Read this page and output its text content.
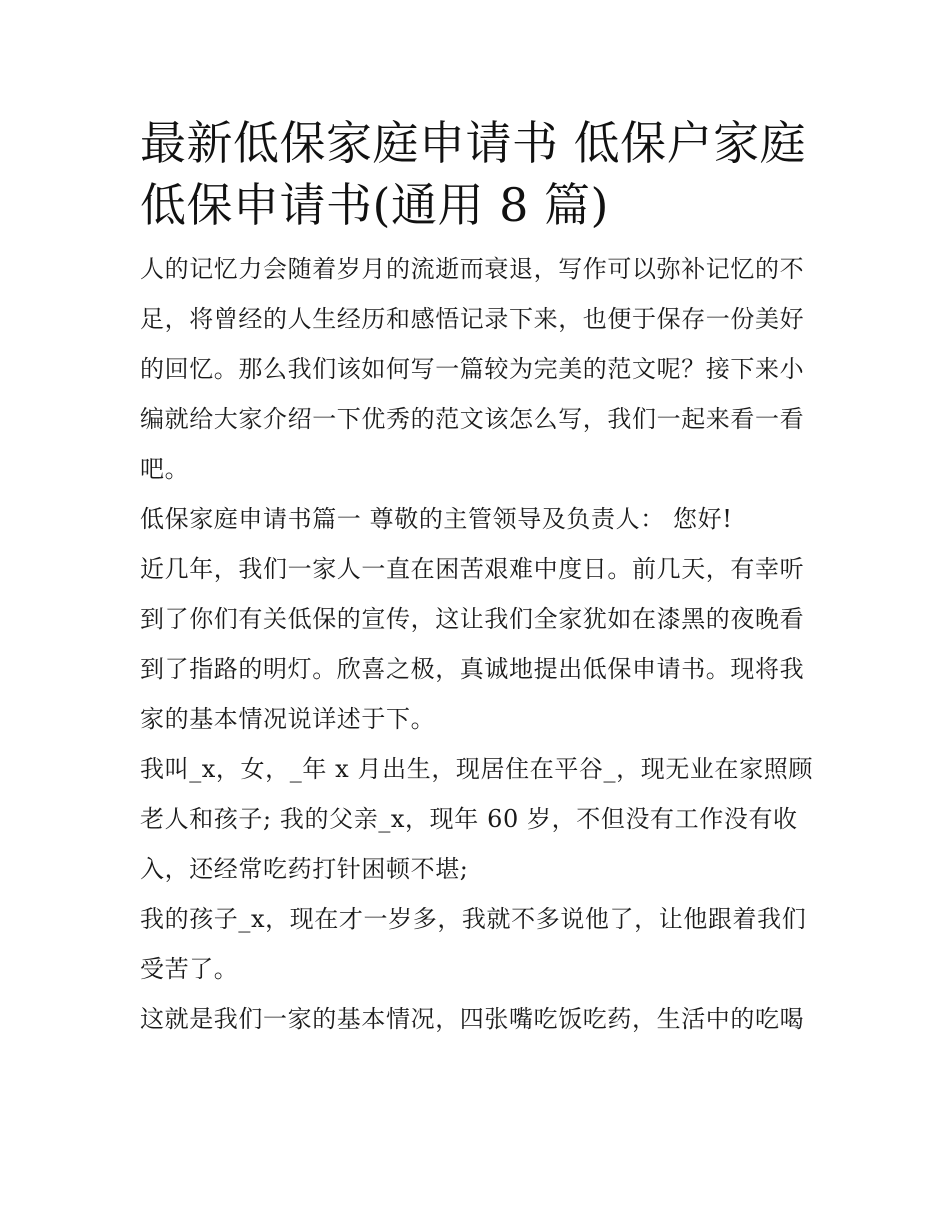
最新低保家庭申请书 低保户家庭低保申请书(通用 8 篇)

人的记忆力会随着岁月的流逝而衰退，写作可以弥补记忆的不足，将曾经的人生经历和感悟记录下来，也便于保存一份美好的回忆。那么我们该如何写一篇较为完美的范文呢？接下来小编就给大家介绍一下优秀的范文该怎么写，我们一起来看一看吧。

低保家庭申请书篇一 尊敬的主管领导及负责人： 您好!

近几年，我们一家人一直在困苦艰难中度日。前几天，有幸听到了你们有关低保的宣传，这让我们全家犹如在漆黑的夜晚看到了指路的明灯。欣喜之极，真诚地提出低保申请书。现将我家的基本情况说详述于下。

我叫_x，女，_年 x 月出生，现居住在平谷_，现无业在家照顾老人和孩子; 我的父亲_x，现年 60 岁，不但没有工作没有收入，还经常吃药打针困顿不堪;

我的孩子_x，现在才一岁多，我就不多说他了，让他跟着我们受苦了。

这就是我们一家的基本情况，四张嘴吃饭吃药，生活中的吃喝
